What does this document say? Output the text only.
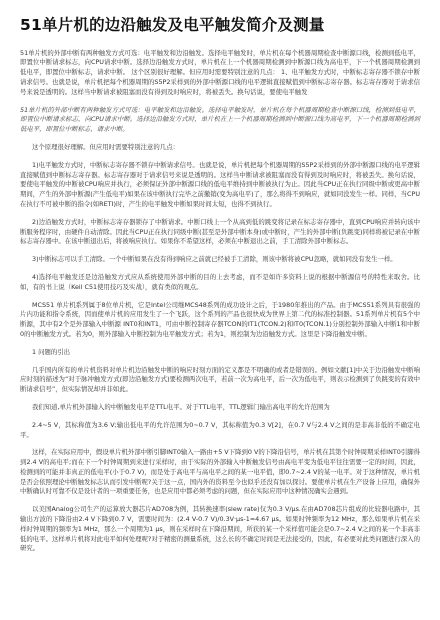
51单片机的边沿触发及电平触发简介及测量

51单片机的外部中断有两种触发方式可选：电平触发和边沿触发。选择电平触发时，单片机在每个机器周期检查中断源口线，检测到低电平，即置位中断请求标志，向CPU请求中断。选择边沿触发方式时，单片机在上一个机器周期检测到中断源口线为高电平，下一个机器周期检测到低电平，即置位中断标志，请求中断。 这个区别很好理解。但应用时需要特别注意的几点： 1、电平触发方式时，中断标志寄存器不锁存中断请求信号。也就是说，单片机把每个机器周期的S5P2采样到的外部中断源口线的电平逻辑直接赋值到中断标志寄存器。标志寄存器对于请求信号来说是透明的。这样当中断请求被阻塞而没有得到及时响应时，将被丢失。换句话说，要使电平触发

51单片机的外部中断有两种触发方式可选：电平触发和边沿触发。选择电平触发时，单片机在每个机器周期检查中断源口线，检测到低电平，即置位中断请求标志，向CPU请求中断。选择边沿触发方式时，单片机在上一个机器周期检测到中断源口线为高电平，下一个机器周期检测到低电平，即置位中断标志，请求中断。

这个原理很好理解。但应用时需要特别注意的几点：

1)电平触发方式时，中断标志寄存器不锁存中断请求信号。也就是说，单片机把每个机器周期的S5P2采样到的外部中断源口线的电平逻辑直接赋值到中断标志寄存器。标志寄存器对于请求信号来说是透明的。这样当中断请求被阻塞而没有得到及时响应时，将被丢失。换句话说，要使电平触发的中断被CPU响应并执行，必须保证外部中断源口线的低电平维持到中断被执行为止。因此当CPU正在执行同级中断或更高中断期间，产生的外部中断源(产生低电平)如果在该中断执行完毕之前撤销(变为高电平)了，那么将得不到响应，就如同没发生一样。同样，当CPU在执行不可被中断的指令(如RETI)时，产生的电平触发中断如果时间太短，也得不到执行。

2)边沿触发方式时，中断标志寄存器锁存了中断请求。中断口线上一个从高到低的跳变将记录在标志寄存器中，直到CPU响应并转向该中断服务程序时，由硬件自动清除。因此当CPU正在执行同级中断(甚至是外部中断本身)或中断时，产生的外部中断(负跳变)同样将被记录在中断标志寄存器中。在该中断退出后，将被响应执行。如果你不希望这样，必须在中断退出之前，手工清除外部中断标志。

3)中断标志可以手工清除。一个中断如果在没有得到响应之前就已经被手工清除，则该中断将被CPU忽略，就如同没有发生一样。

4)选择电平触发还是边沿触发方式应从系统使用外部中断的目的上去考虑，而不是如许多资料上说的根据中断源信号的特性来取舍。比如，有的书上说（Keil C51使用技巧及实战），就有类似的观点。

MCS51 单片机系列属于8位单片机，它是Intel公司继MCS48系列的成功设计之后，于1980年推出的产品。由于MCS51系列具有很强的片内功能和指令系统，因而使单片机的应用发生了一个飞跃，这个系列的产品也很快成为世界上第二代的标准控制器。51系列单片机有5个中断源，其中有2个是外部输入中断源 INT0和INT1，可由中断控制寄存器TCON的IT1(TCON.2)和IT0(TCON.1)分别控制外部输入中断1和中断0的中断触发方式。若为0，则外部输入中断控制为电平触发方式；若为1，则控制为边沿触发方式。这里是下降沿触发中断。

1 问题的引出

几乎国内所有的单片机资料对单片机边沿触发中断的响应时刻方面的定义都是不明确的或者是错误的。例如文献[1]中关于边沿触发中断响应时刻的描述为“对于脉冲触发方式(即边沿触发方式)要检测两次电平，若前一次为高电平，后一次为低电平，则表示检测到了负跳变的有效中断请求信号”，但实际情况却并非如此。

我们知道,单片机外部输入的中断触发电平是TTL电平。对于TTL电平，TTL逻辑门输出高电平的允许范围为

2.4~5 V，其标称值为3.6 V;输出低电平的允许范围为0~0.7 V，其标称值为0.3 V[2]，在0.7 V与2.4 V之间的是非高非低的不确定电平。

这样，在实际应用中，假设单片机外部中断引脚INT0输入一路由+5 V下降到0 V的下降沿信号，单片机在其第个时钟周期采样INT0引脚得到2.4 V的高电平;而在下一个时钟周期到来进行采样时，由于实际的外部输入中断触发信号由高电平变为低电平往往需要一定的时间，因此，检测到的可能并非真正的低电平(小于0.7 V)，而是处于高电平与高电平之间的某一电平值，即0.7~2.4 V的某一电平。对于这种情况，单片机是否会依照理论中断触发标志认而引发中断呢?关于这一点，国内外的资料至今也似乎还没有加以探讨。要使单片机在生产设备上应用，确保外中断确认时可靠不仅是设计者的一项重要任务，也是应用中都必须考虑的问题，但在实际应用中这种情况确实会遇到。

以美国Analog公司生产的运算放大器芯片AD708为例，其转换速率(slew rate)仅为0.3 V/μs.在由AD708芯片组成的比较器电路中，其输出方波的下降沿由2.4 V下降到0.7 V，需要时间为：(2.4 V-0.7 V)/0.3V·μs-1=4.67 μs。如果时钟频率为12 MHz，那么如果单片机在采样时钟周期的频率为1 MHz，那么一个周期为1 μs，则在采样时在下降沿期间，所获的某一个采样值可能会是0.7~2.4 V之间的某一个非高非低的电平。这样单片机将对此电平如何处理呢?对于精密的测量系统，这么长的不确定时间是无法接受的，因此，有必要对此类问题进行深入的研究。
